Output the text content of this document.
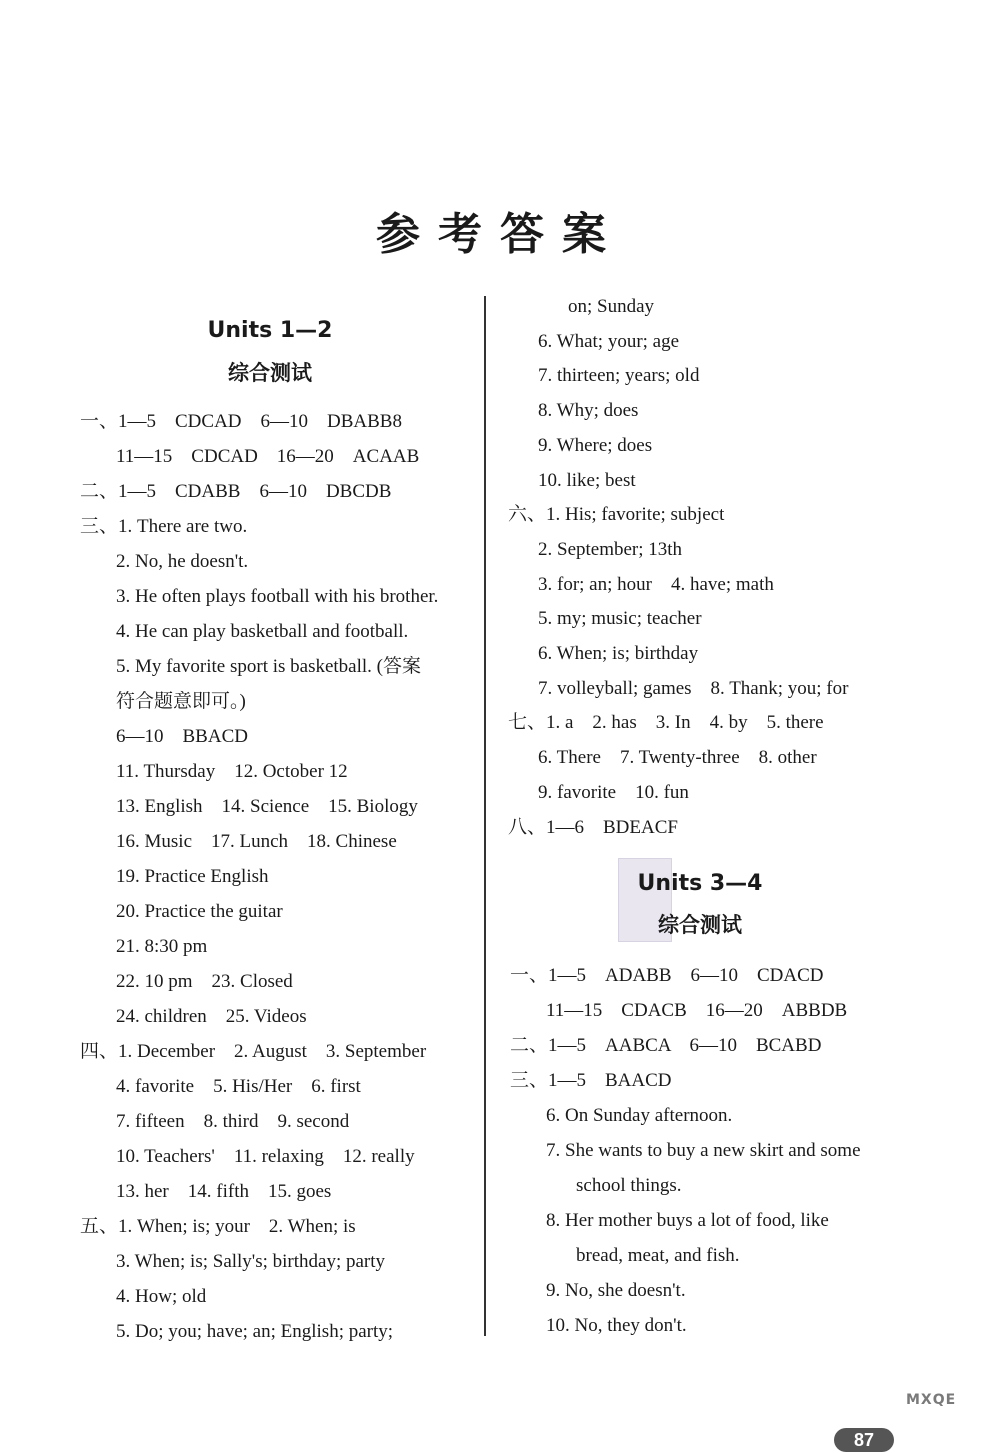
参考答案
Units 1—2
综合测试
一、1—5　CDCAD　6—10　DBABB8
11—15　CDCAD　16—20　ACAAB
二、1—5　CDABB　6—10　DBCDB
三、1. There are two.
2. No, he doesn't.
3. He often plays football with his brother.
4. He can play basketball and football.
5. My favorite sport is basketball. (答案
符合题意即可。)
6—10　BBACD
11. Thursday　12. October 12
13. English　14. Science　15. Biology
16. Music　17. Lunch　18. Chinese
19. Practice English
20. Practice the guitar
21. 8:30 pm
22. 10 pm　23. Closed
24. children　25. Videos
四、1. December　2. August　3. September
4. favorite　5. His/Her　6. first
7. fifteen　8. third　9. second
10. Teachers'　11. relaxing　12. really
13. her　14. fifth　15. goes
五、1. When; is; your　2. When; is
3. When; is; Sally's; birthday; party
4. How; old
5. Do; you; have; an; English; party;
on; Sunday
6. What; your; age
7. thirteen; years; old
8. Why; does
9. Where; does
10. like; best
六、1. His; favorite; subject
2. September; 13th
3. for; an; hour　4. have; math
5. my; music; teacher
6. When; is; birthday
7. volleyball; games　8. Thank; you; for
七、1. a　2. has　3. In　4. by　5. there
6. There　7. Twenty-three　8. other
9. favorite　10. fun
八、1—6　BDEACF
Units 3—4
综合测试
一、1—5　ADABB　6—10　CDACD
11—15　CDACB　16—20　ABBDB
二、1—5　AABCA　6—10　BCABD
三、1—5　BAACD
6. On Sunday afternoon.
7. She wants to buy a new skirt and some
school things.
8. Her mother buys a lot of food, like
bread, meat, and fish.
9. No, she doesn't.
10. No, they don't.
87
MXQE
